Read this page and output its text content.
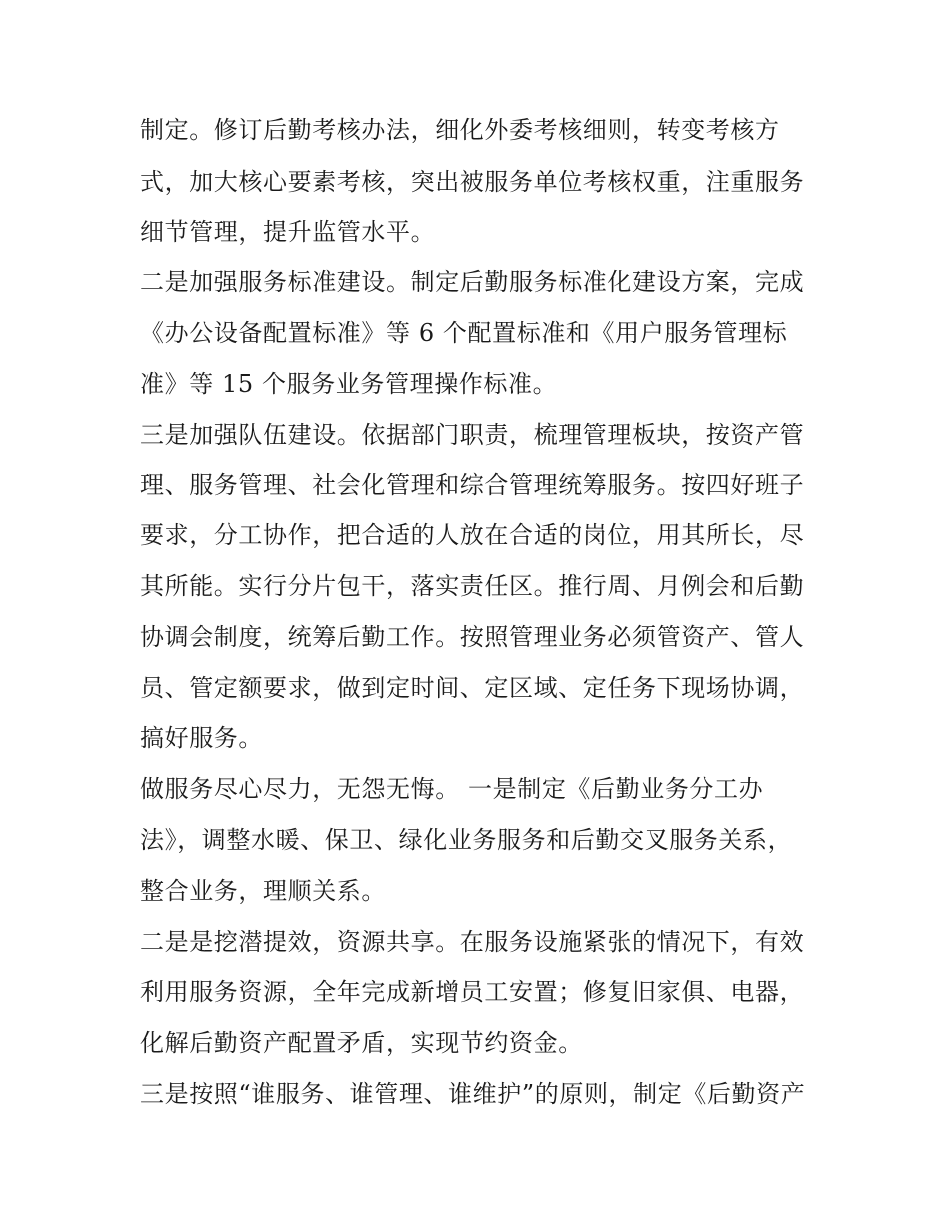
制定。修订后勤考核办法，细化外委考核细则，转变考核方
式，加大核心要素考核，突出被服务单位考核权重，注重服务
细节管理，提升监管水平。
二是加强服务标准建设。制定后勤服务标准化建设方案，完成
《办公设备配置标准》等 6 个配置标准和《用户服务管理标
准》等 15 个服务业务管理操作标准。
三是加强队伍建设。依据部门职责，梳理管理板块，按资产管
理、服务管理、社会化管理和综合管理统筹服务。按四好班子
要求，分工协作，把合适的人放在合适的岗位，用其所长，尽
其所能。实行分片包干，落实责任区。推行周、月例会和后勤
协调会制度，统筹后勤工作。按照管理业务必须管资产、管人
员、管定额要求，做到定时间、定区域、定任务下现场协调，
搞好服务。
做服务尽心尽力，无怨无悔。 一是制定《后勤业务分工办
法》，调整水暖、保卫、绿化业务服务和后勤交叉服务关系，
整合业务，理顺关系。
二是是挖潜提效，资源共享。在服务设施紧张的情况下，有效
利用服务资源，全年完成新增员工安置；修复旧家俱、电器，
化解后勤资产配置矛盾，实现节约资金。
三是按照“谁服务、谁管理、谁维护”的原则，制定《后勤资产
